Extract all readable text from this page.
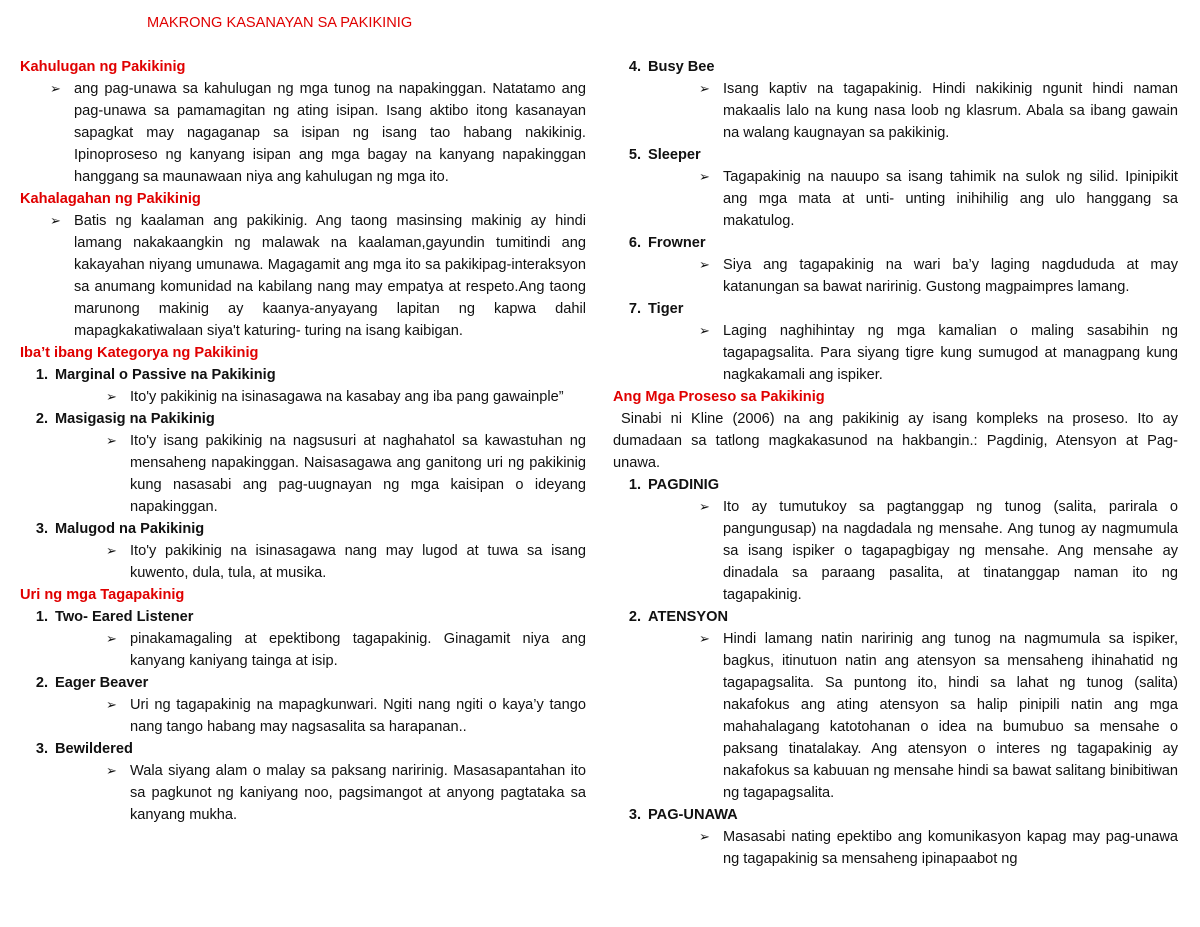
MAKRONG KASANAYAN SA PAKIKINIG

Kahulugan ng Pakikinig

➢ ang pag-unawa sa kahulugan ng mga tunog na napakinggan. Natatamo ang pag-unawa sa pamamagitan ng ating isipan. Isang aktibo itong kasanayan sapagkat may nagaganap sa isipan ng isang tao habang nakikinig. Ipinoproseso ng kanyang isipan ang mga bagay na kanyang napakinggan hanggang sa maunawaan niya ang kahulugan ng mga ito.

Kahalagahan ng Pakikinig

➢ Batis ng kaalaman ang pakikinig. Ang taong masinsing makinig ay hindi lamang nakakaangkin ng malawak na kaalaman,gayundin tumitindi ang kakayahan niyang umunawa. Magagamit ang mga ito sa pakikipag-interaksyon sa anumang komunidad na kabilang nang may empatya at respeto.Ang taong marunong makinig ay kaanya-anyayang lapitan ng kapwa dahil mapagkakatiwalaan siya't katuring- turing na isang kaibigan.

Iba’t ibang Kategorya ng Pakikinig

1. Marginal o Passive na Pakikinig

➢ Ito'y pakikinig na isinasagawa na kasabay ang iba pang gawainple”

2. Masigasig na Pakikinig

➢ Ito'y isang pakikinig na nagsusuri at naghahatol sa kawastuhan ng mensaheng napakinggan. Naisasagawa ang ganitong uri ng pakikinig kung nasasabi ang pag-uugnayan ng mga kaisipan o ideyang napakinggan.

3. Malugod na Pakikinig

➢ Ito'y pakikinig na isinasagawa nang may lugod at tuwa sa isang kuwento, dula, tula, at musika.

Uri ng mga Tagapakinig

1. Two- Eared Listener

➢ pinakamagaling at epektibong tagapakinig. Ginagamit niya ang kanyang kaniyang tainga at isip.

2. Eager Beaver

➢ Uri ng tagapakinig na mapagkunwari. Ngiti nang ngiti o kaya’y tango nang tango habang may nagsasalita sa harapanan..

3. Bewildered

➢ Wala siyang alam o malay sa paksang naririnig. Masasapantahan ito sa pagkunot ng kaniyang noo, pagsimangot at anyong pagtataka sa kanyang mukha.

4. Busy Bee

➢ Isang kaptiv na tagapakinig. Hindi nakikinig ngunit hindi naman makaalis lalo na kung nasa loob ng klasrum. Abala sa ibang gawain na walang kaugnayan sa pakikinig.

5. Sleeper

➢ Tagapakinig na nauupo sa isang tahimik na sulok ng silid. Ipinipikit ang mga mata at unti- unting inihihilig ang ulo hanggang sa makatulog.

6. Frowner

➢ Siya ang tagapakinig na wari ba’y laging nagdududa at may katanungan sa bawat naririnig. Gustong magpaimpres lamang.

7. Tiger

➢ Laging naghihintay ng mga kamalian o maling sasabihin ng tagapagsalita. Para siyang tigre kung sumugod at managpang kung nagkakamali ang ispiker.

Ang Mga Proseso sa Pakikinig

Sinabi ni Kline (2006) na ang pakikinig ay isang kompleks na proseso. Ito ay dumadaan sa tatlong magkakasunod na hakbangin.: Pagdinig, Atensyon at Pag-unawa.

1. PAGDINIG

➢ Ito ay tumutukoy sa pagtanggap ng tunog (salita, parirala o pangungusap) na nagdadala ng mensahe. Ang tunog ay nagmumula sa isang ispiker o tagapagbigay ng mensahe. Ang mensahe ay dinadala sa paraang pasalita, at tinatanggap naman ito ng tagapakinig.

2. ATENSYON

➢ Hindi lamang natin naririnig ang tunog na nagmumula sa ispiker, bagkus, itinutuon natin ang atensyon sa mensaheng ihinahatid ng tagapagsalita. Sa puntong ito, hindi sa lahat ng tunog (salita) nakafokus ang ating atensyon sa halip pinipili natin ang mga mahahalagang katotohanan o idea na bumubuo sa mensahe o paksang tinatalakay. Ang atensyon o interes ng tagapakinig ay nakafokus sa kabuuan ng mensahe hindi sa bawat salitang binibitiwan ng tagapagsalita.

3. PAG-UNAWA

➢ Masasabi nating epektibo ang komunikasyon kapag may pag-unawa ng tagapakinig sa mensaheng ipinapaabot ng
